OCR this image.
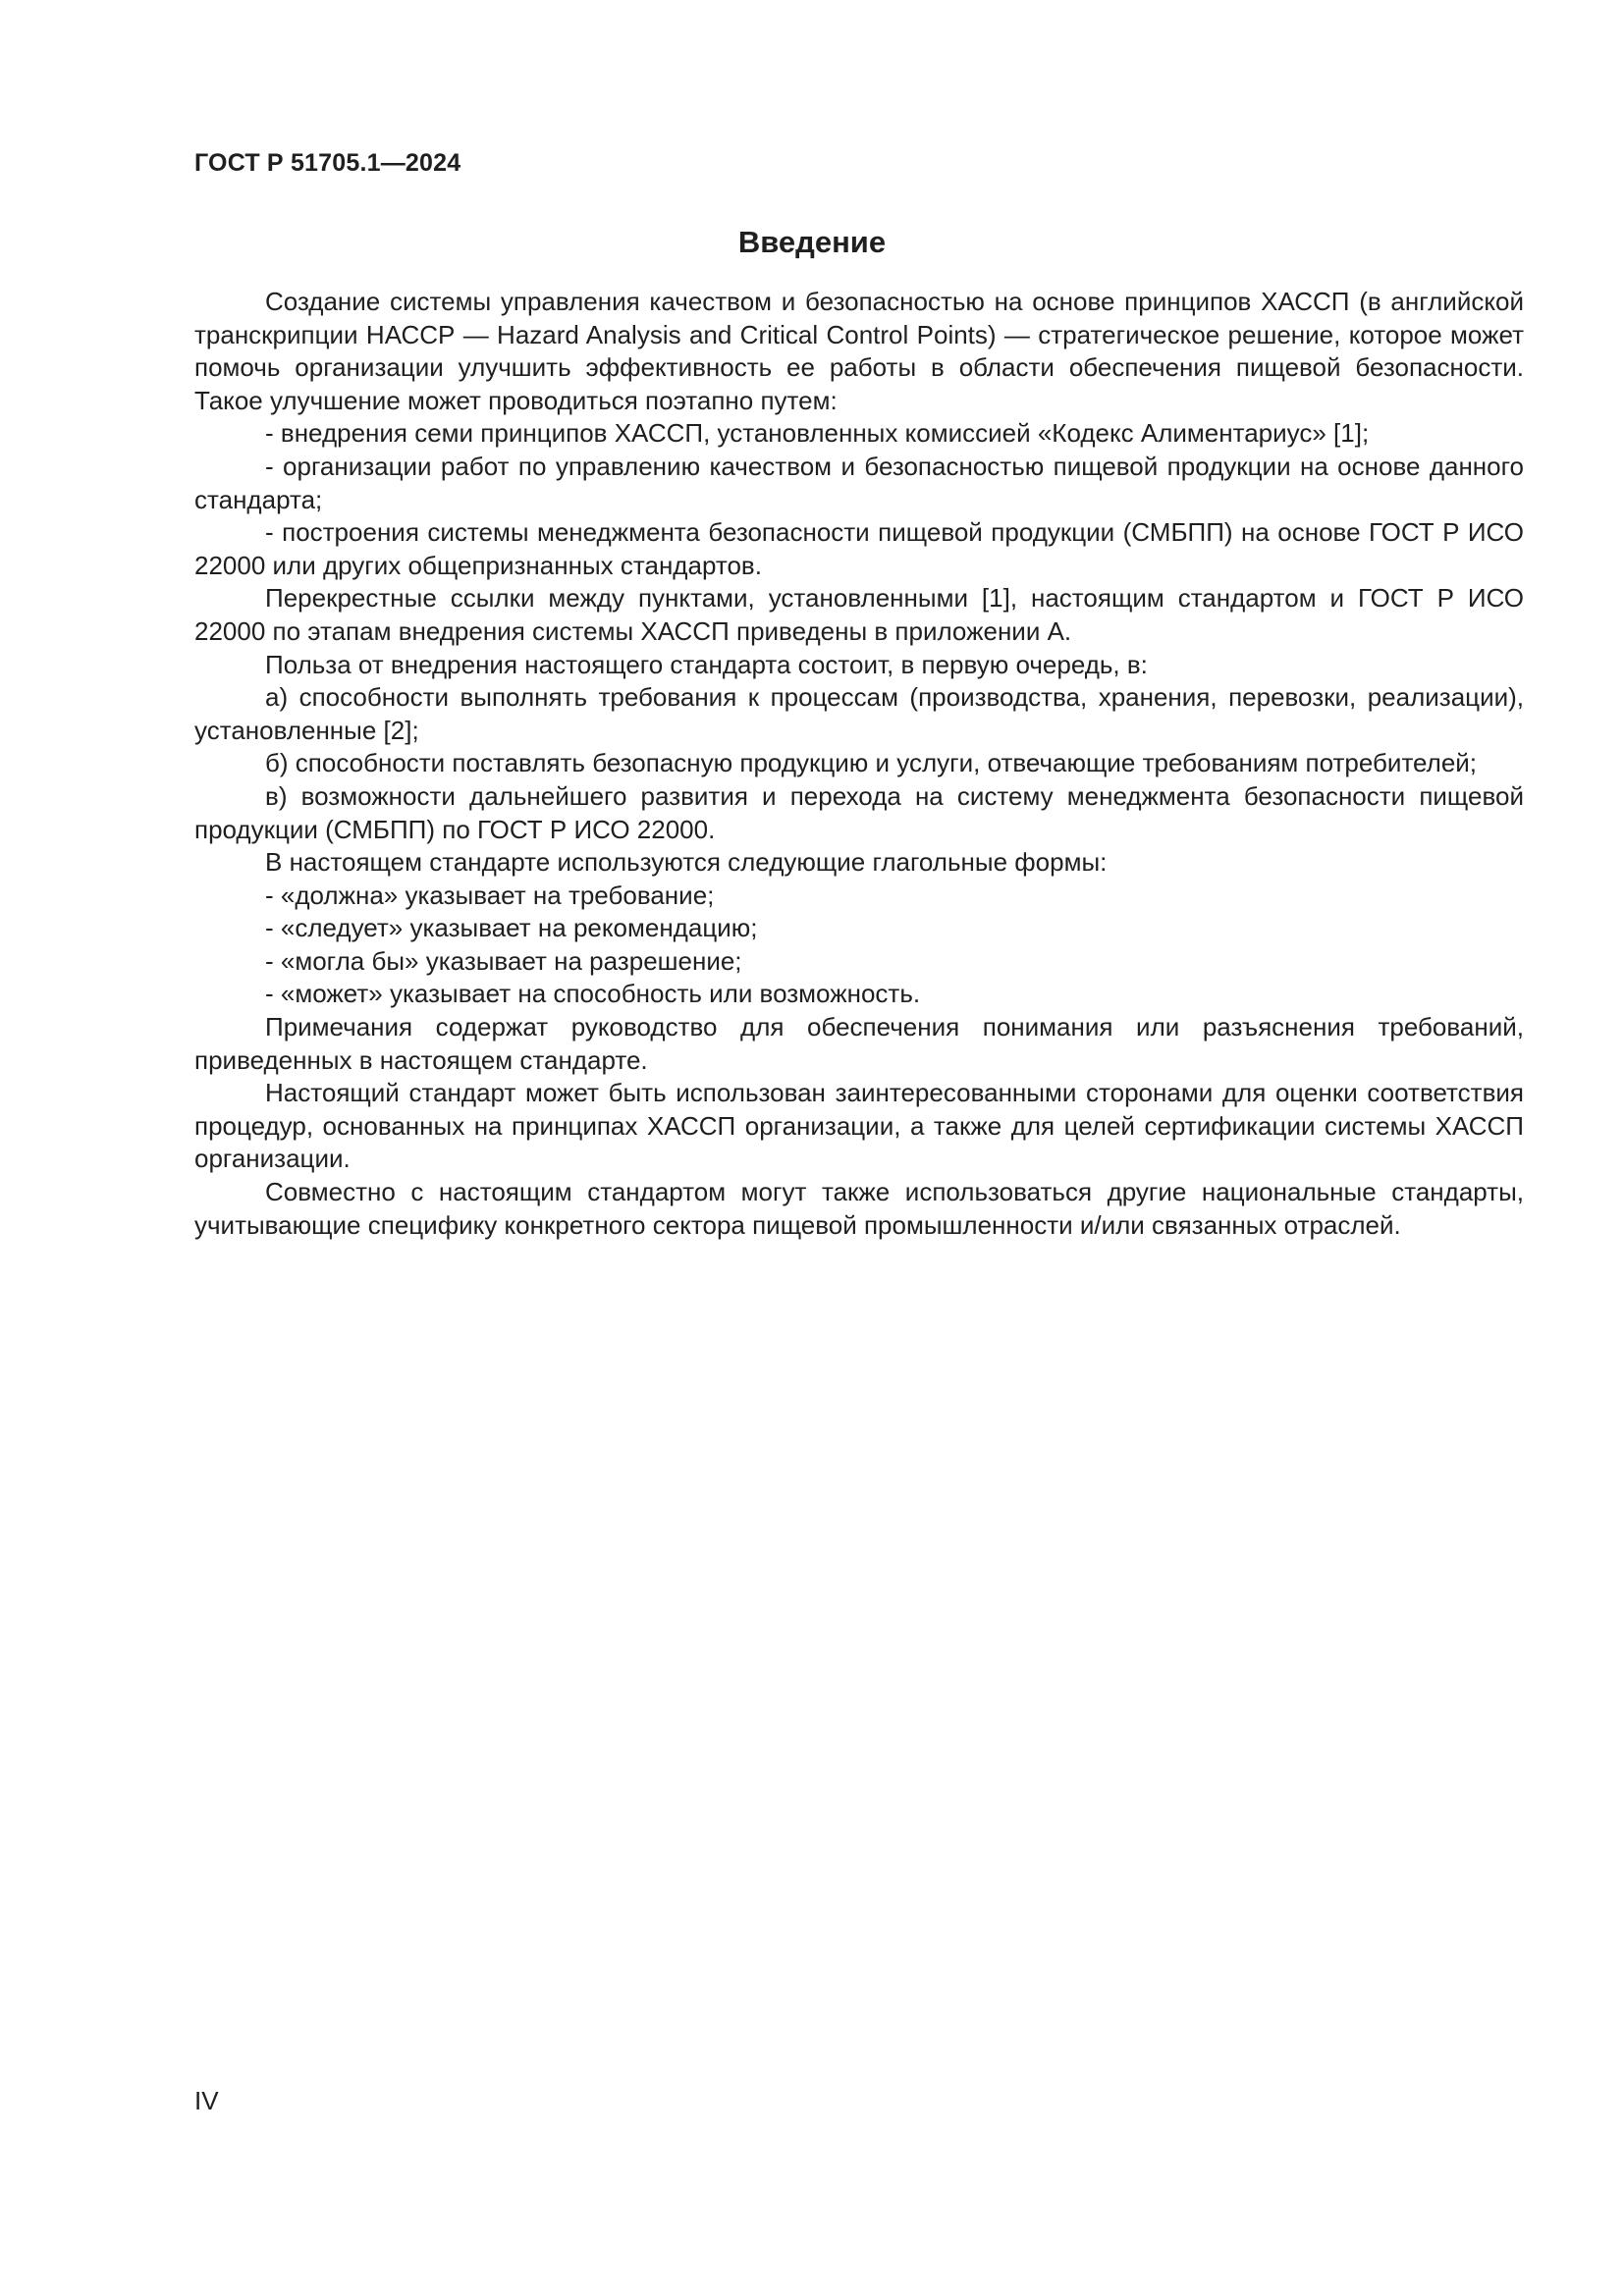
ГОСТ Р 51705.1—2024
Введение

Создание системы управления качеством и безопасностью на основе принципов ХАССП (в английской транскрипции НАССР — Hazard Analysis and Critical Control Points) — стратегическое решение, которое может помочь организации улучшить эффективность ее работы в области обеспечения пищевой безопасности. Такое улучшение может проводиться поэтапно путем:

- внедрения семи принципов ХАССП, установленных комиссией «Кодекс Алиментариус» [1];

- организации работ по управлению качеством и безопасностью пищевой продукции на основе данного стандарта;

- построения системы менеджмента безопасности пищевой продукции (СМБПП) на основе ГОСТ Р ИСО 22000 или других общепризнанных стандартов.

Перекрестные ссылки между пунктами, установленными [1], настоящим стандартом и ГОСТ Р ИСО 22000 по этапам внедрения системы ХАССП приведены в приложении А.

Польза от внедрения настоящего стандарта состоит, в первую очередь, в:

а) способности выполнять требования к процессам (производства, хранения, перевозки, реализации), установленные [2];

б) способности поставлять безопасную продукцию и услуги, отвечающие требованиям потребителей;

в) возможности дальнейшего развития и перехода на систему менеджмента безопасности пищевой продукции (СМБПП) по ГОСТ Р ИСО 22000.

В настоящем стандарте используются следующие глагольные формы:

- «должна» указывает на требование;

- «следует» указывает на рекомендацию;

- «могла бы» указывает на разрешение;

- «может» указывает на способность или возможность.

Примечания содержат руководство для обеспечения понимания или разъяснения требований, приведенных в настоящем стандарте.

Настоящий стандарт может быть использован заинтересованными сторонами для оценки соответствия процедур, основанных на принципах ХАССП организации, а также для целей сертификации системы ХАССП организации.

Совместно с настоящим стандартом могут также использоваться другие национальные стандарты, учитывающие специфику конкретного сектора пищевой промышленности и/или связанных отраслей.

IV
